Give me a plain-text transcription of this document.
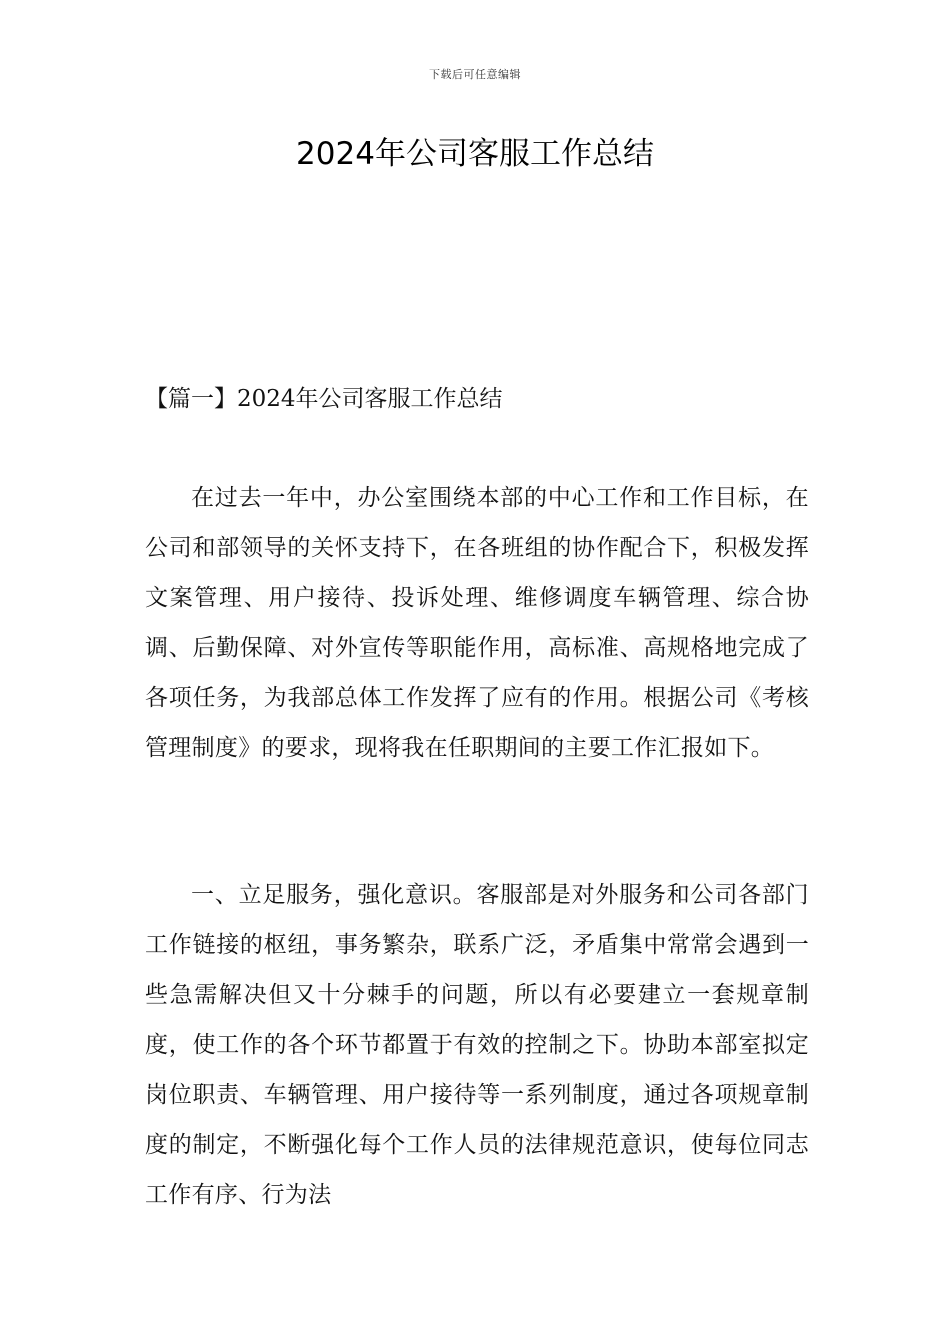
下载后可任意编辑
2024年公司客服工作总结
【篇一】2024年公司客服工作总结

在过去一年中，办公室围绕本部的中心工作和工作目标，在公司和部领导的关怀支持下，在各班组的协作配合下，积极发挥文案管理、用户接待、投诉处理、维修调度车辆管理、综合协调、后勤保障、对外宣传等职能作用，高标准、高规格地完成了各项任务，为我部总体工作发挥了应有的作用。根据公司《考核管理制度》的要求，现将我在任职期间的主要工作汇报如下。

一、立足服务，强化意识。客服部是对外服务和公司各部门工作链接的枢纽，事务繁杂，联系广泛，矛盾集中常常会遇到一些急需解决但又十分棘手的问题，所以有必要建立一套规章制度，使工作的各个环节都置于有效的控制之下。协助本部室拟定岗位职责、车辆管理、用户接待等一系列制度，通过各项规章制度的制定，不断强化每个工作人员的法律规范意识，使每位同志工作有序、行为法
